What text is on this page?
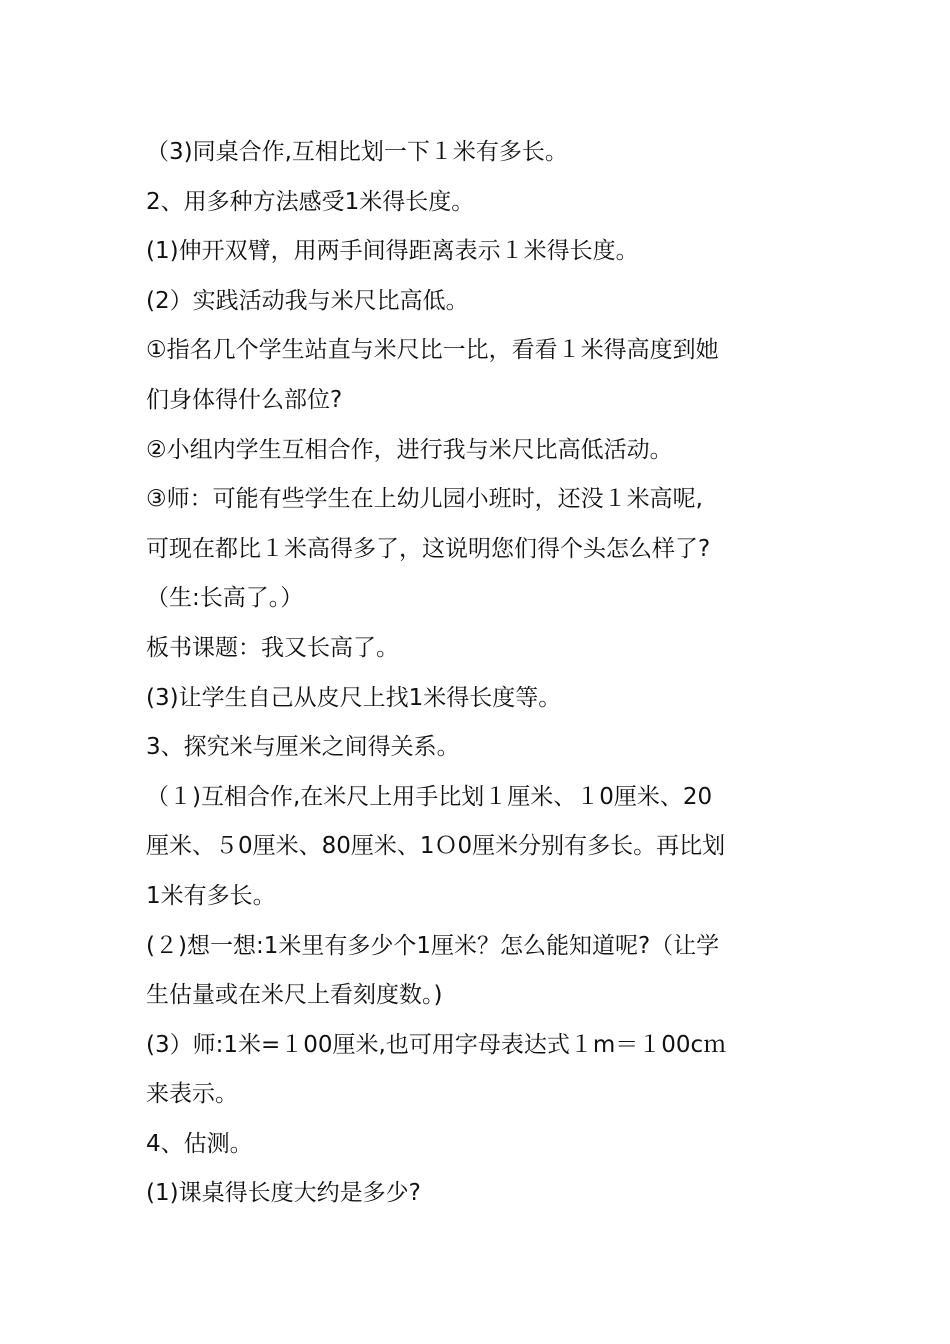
（3)同桌合作,互相比划一下１米有多长。
2、用多种方法感受1米得长度。
(1)伸开双臂，用两手间得距离表示１米得长度。
(2）实践活动我与米尺比高低。
①指名几个学生站直与米尺比一比，看看１米得高度到她
们身体得什么部位?
②小组内学生互相合作，进行我与米尺比高低活动。
③师：可能有些学生在上幼儿园小班时，还没１米高呢,
可现在都比１米高得多了，这说明您们得个头怎么样了?
（生:长高了。）
板书课题：我又长高了。
(3)让学生自己从皮尺上找1米得长度等。
3、探究米与厘米之间得关系。
（１)互相合作,在米尺上用手比划１厘米、１0厘米、20
厘米、５0厘米、80厘米、1Ｏ0厘米分别有多长。再比划
1米有多长。
(２)想一想:1米里有多少个1厘米？怎么能知道呢?（让学
生估量或在米尺上看刻度数。)
(3）师:1米=１00厘米,也可用字母表达式１m＝１00cｍ
来表示。
4、估测。
(1)课桌得长度大约是多少?
